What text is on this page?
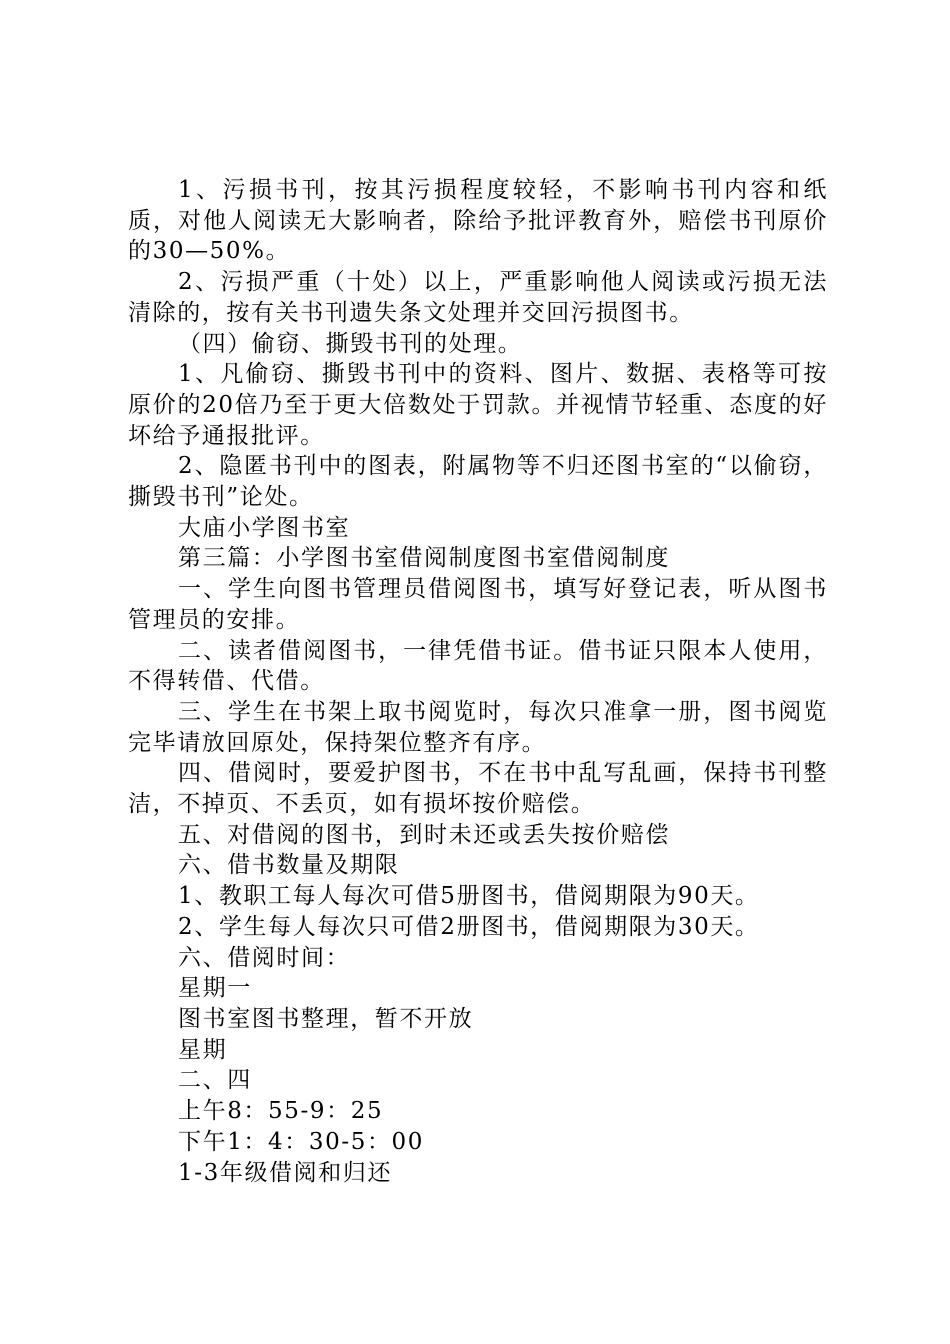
1、污损书刊，按其污损程度较轻，不影响书刊内容和纸质，对他人阅读无大影响者，除给予批评教育外，赔偿书刊原价的30—50%。

2、污损严重（十处）以上，严重影响他人阅读或污损无法清除的，按有关书刊遗失条文处理并交回污损图书。

（四）偷窃、撕毁书刊的处理。

1、凡偷窃、撕毁书刊中的资料、图片、数据、表格等可按原价的20倍乃至于更大倍数处于罚款。并视情节轻重、态度的好坏给予通报批评。

2、隐匿书刊中的图表，附属物等不归还图书室的“以偷窃，撕毁书刊”论处。

大庙小学图书室

第三篇：小学图书室借阅制度图书室借阅制度

一、学生向图书管理员借阅图书，填写好登记表，听从图书管理员的安排。

二、读者借阅图书，一律凭借书证。借书证只限本人使用，不得转借、代借。

三、学生在书架上取书阅览时，每次只准拿一册，图书阅览完毕请放回原处，保持架位整齐有序。

四、借阅时，要爱护图书，不在书中乱写乱画，保持书刊整洁，不掉页、不丢页，如有损坏按价赔偿。

五、对借阅的图书，到时未还或丢失按价赔偿

六、借书数量及期限

1、教职工每人每次可借5册图书，借阅期限为90天。

2、学生每人每次只可借2册图书，借阅期限为30天。

六、借阅时间：

星期一

图书室图书整理，暂不开放

星期

二、四

上午8：55-9：25

下午1：4：30-5：00

1-3年级借阅和归还
